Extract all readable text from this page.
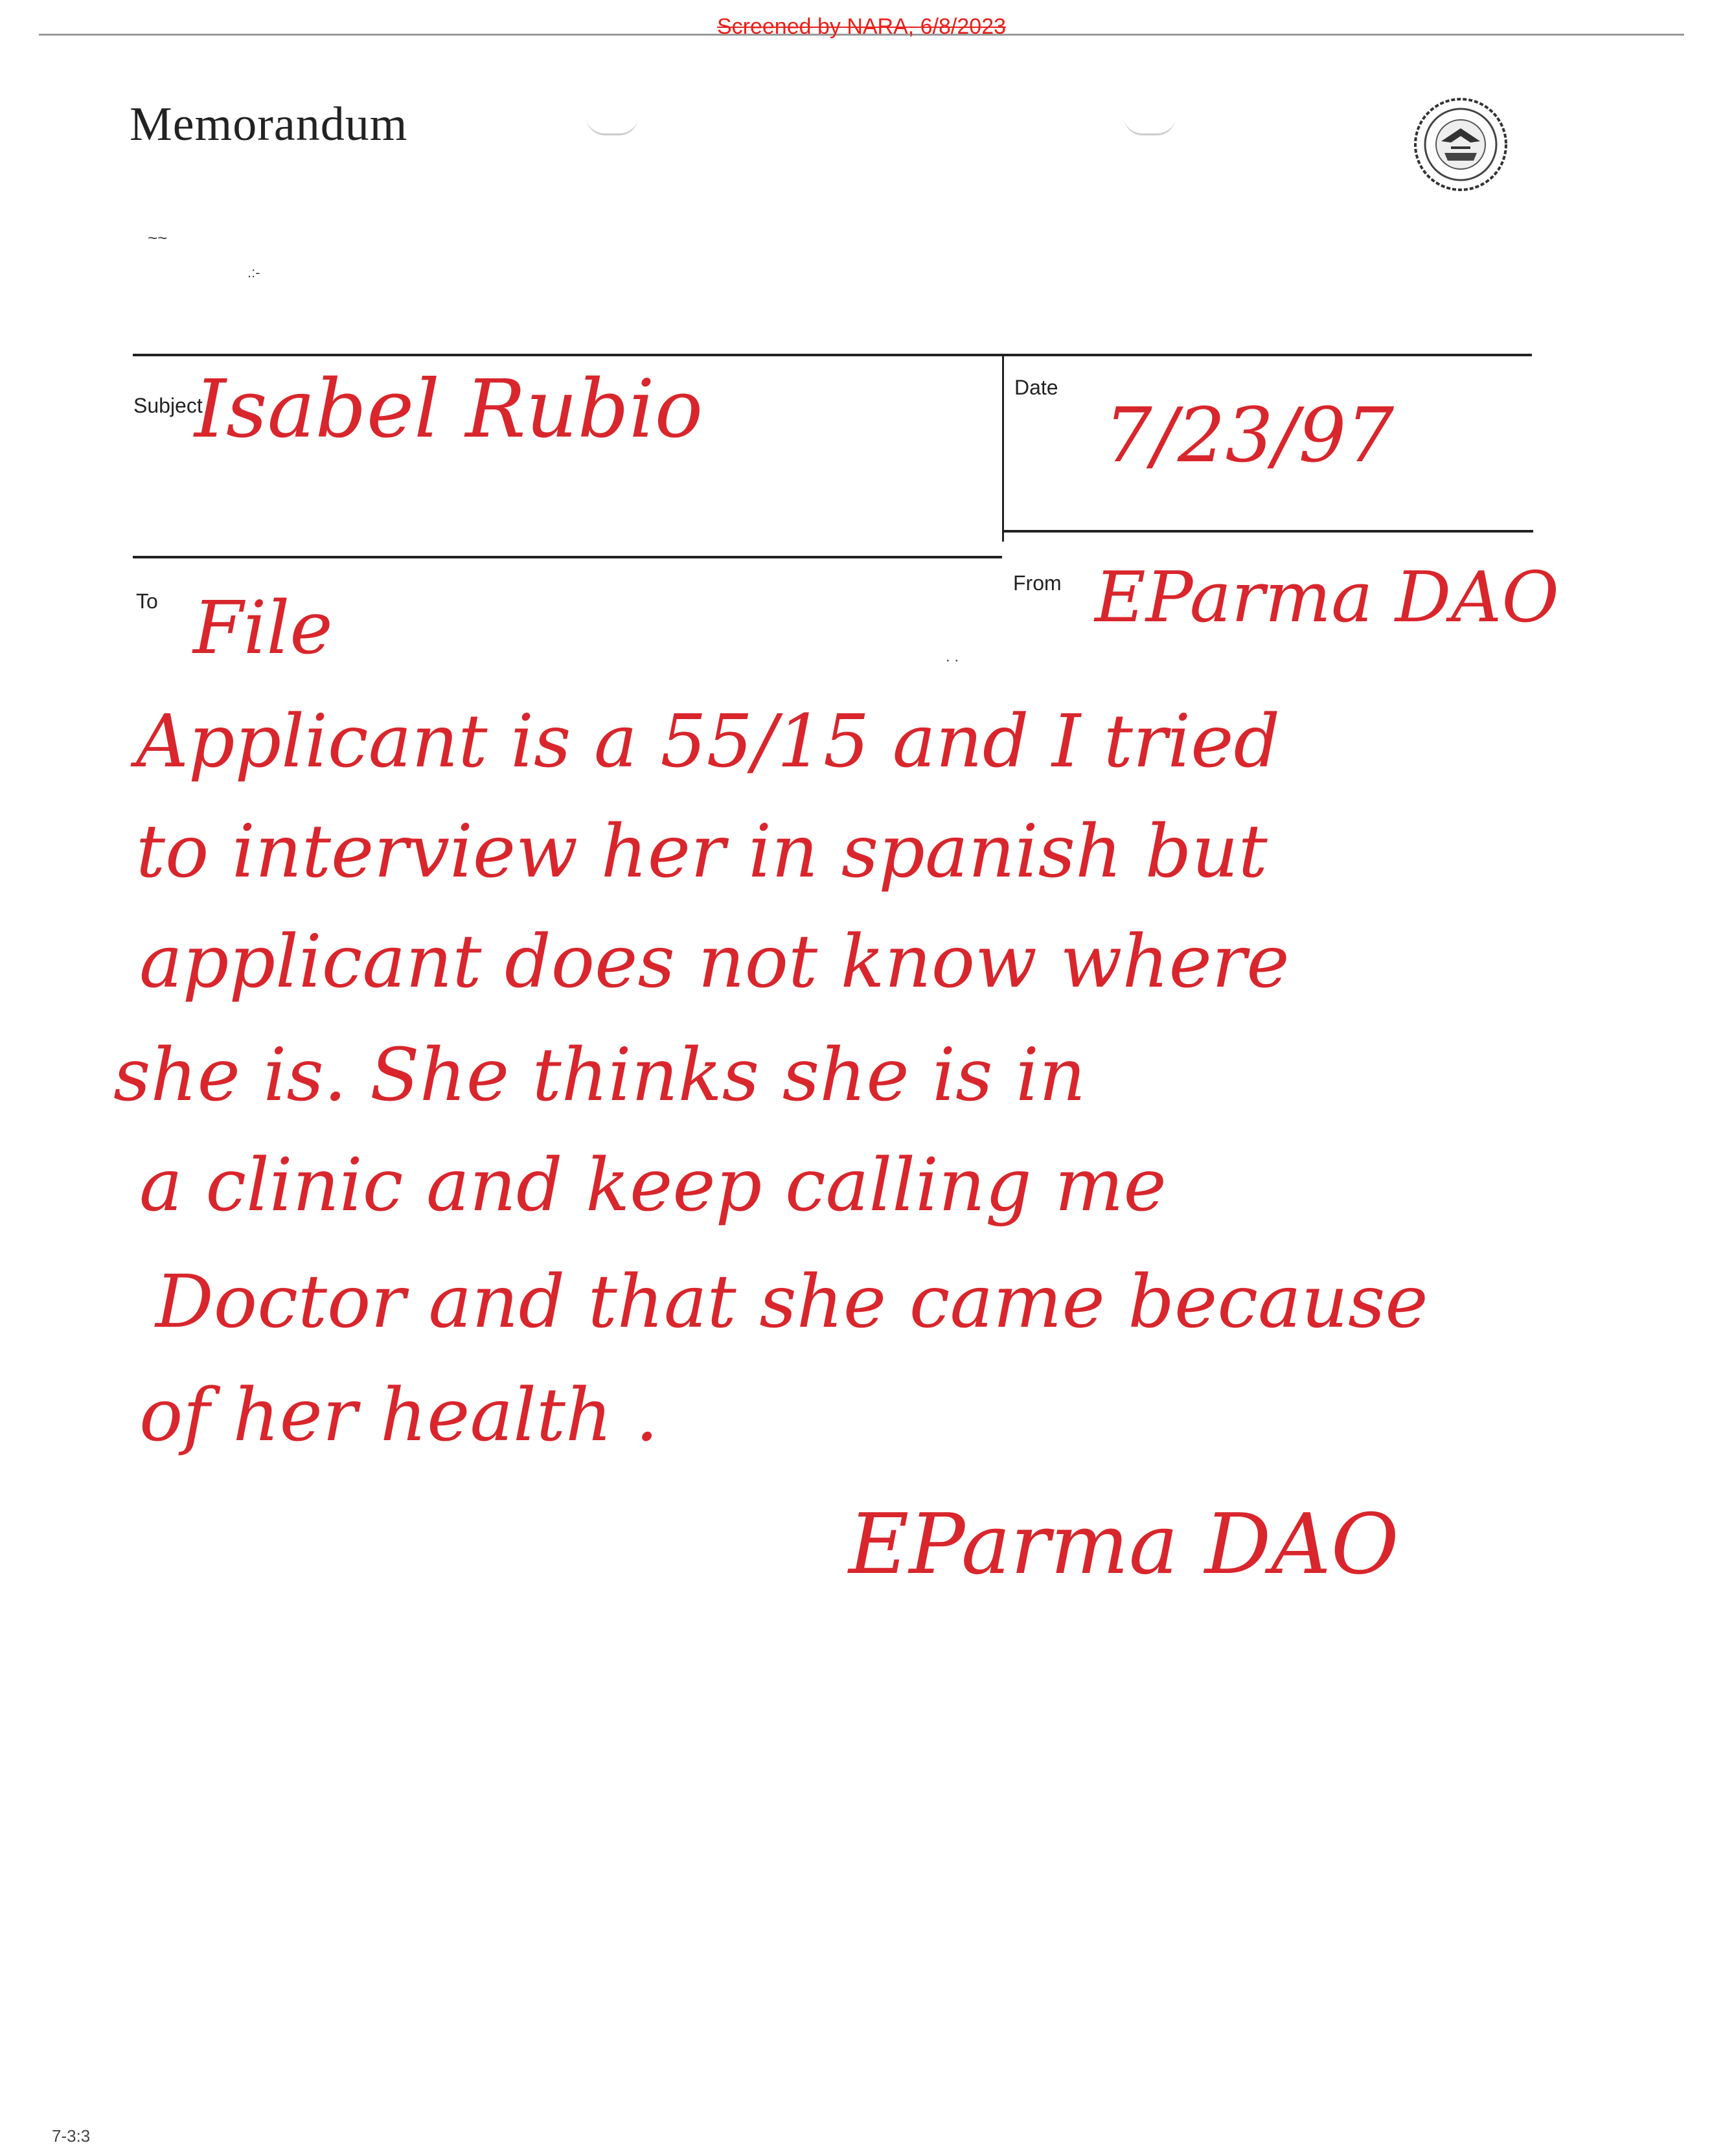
Screened by NARA, 6/8/2023
Memorandum
~~
.:-
Subject
Date
To
From
Isabel Rubio	7/23/97
File	EParma DAO
Applicant is a 55/15 and I tried
to interview her in spanish but
applicant does not know where
she is. She thinks she is in
a clinic and keep calling me
Doctor and that she came because
of her health .
EParma DAO
. .
7-3:3
